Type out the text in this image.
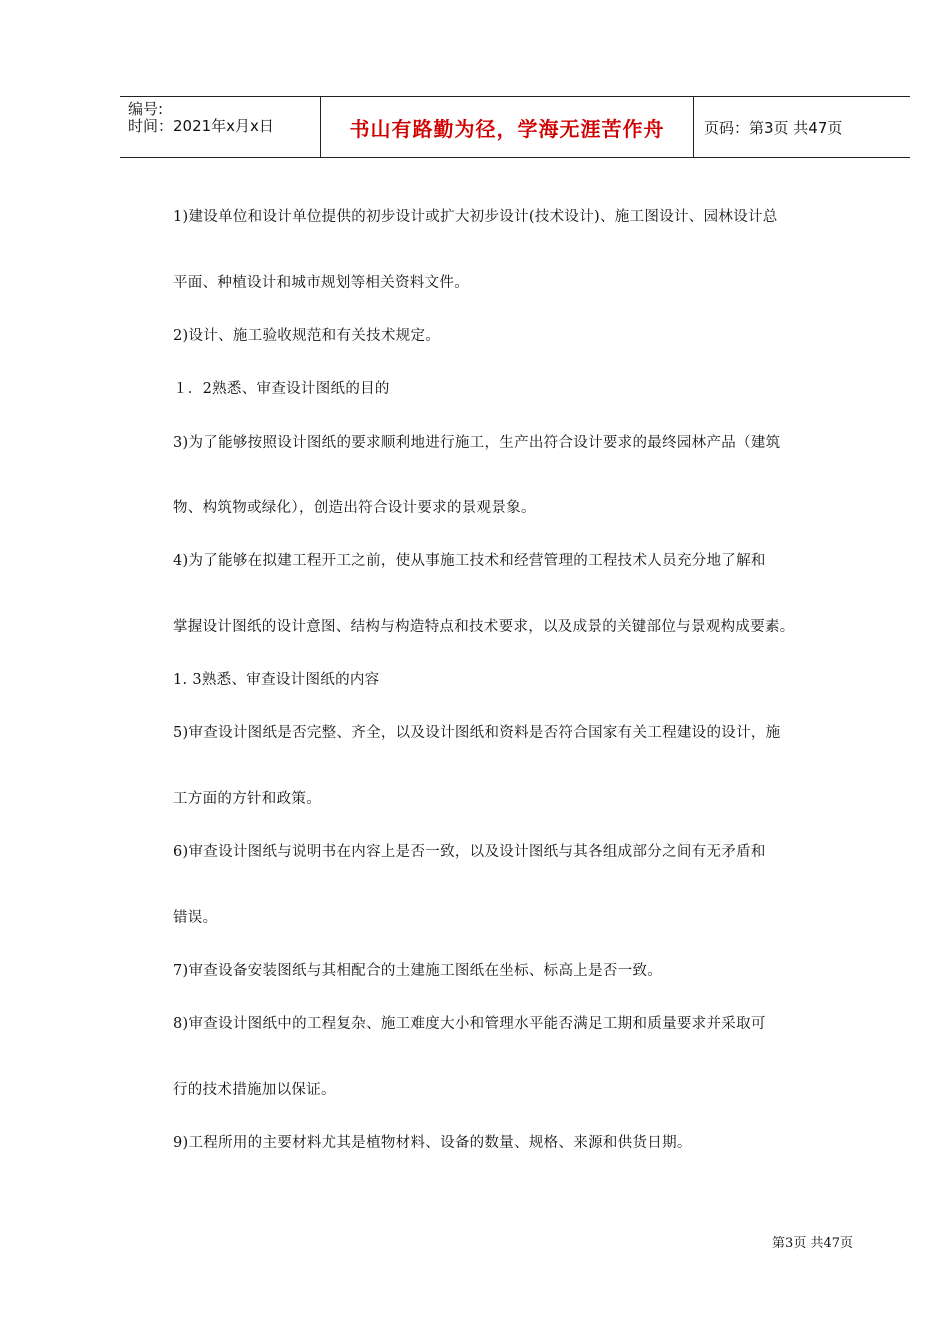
编号:
时间：2021年x月x日	书山有路勤为径，学海无涯苦作舟	页码：第3页 共47页
1)建设单位和设计单位提供的初步设计或扩大初步设计(技术设计)、施工图设计、园林设计总
平面、种植设计和城市规划等相关资料文件。
2)设计、施工验收规范和有关技术规定。
１．2熟悉、审查设计图纸的目的
3)为了能够按照设计图纸的要求顺利地进行施工，生产出符合设计要求的最终园林产品（建筑
物、构筑物或绿化），创造出符合设计要求的景观景象。
4)为了能够在拟建工程开工之前，使从事施工技术和经营管理的工程技术人员充分地了解和
掌握设计图纸的设计意图、结构与构造特点和技术要求，以及成景的关键部位与景观构成要素。
1. 3熟悉、审查设计图纸的内容
5)审查设计图纸是否完整、齐全，以及设计图纸和资料是否符合国家有关工程建设的设计，施
工方面的方针和政策。
6)审查设计图纸与说明书在内容上是否一致，以及设计图纸与其各组成部分之间有无矛盾和
错误。
7)审查设备安装图纸与其相配合的土建施工图纸在坐标、标高上是否一致。
8)审查设计图纸中的工程复杂、施工难度大小和管理水平能否满足工期和质量要求并采取可
行的技术措施加以保证。
9)工程所用的主要材料尤其是植物材料、设备的数量、规格、来源和供货日期。
第3页 共47页
